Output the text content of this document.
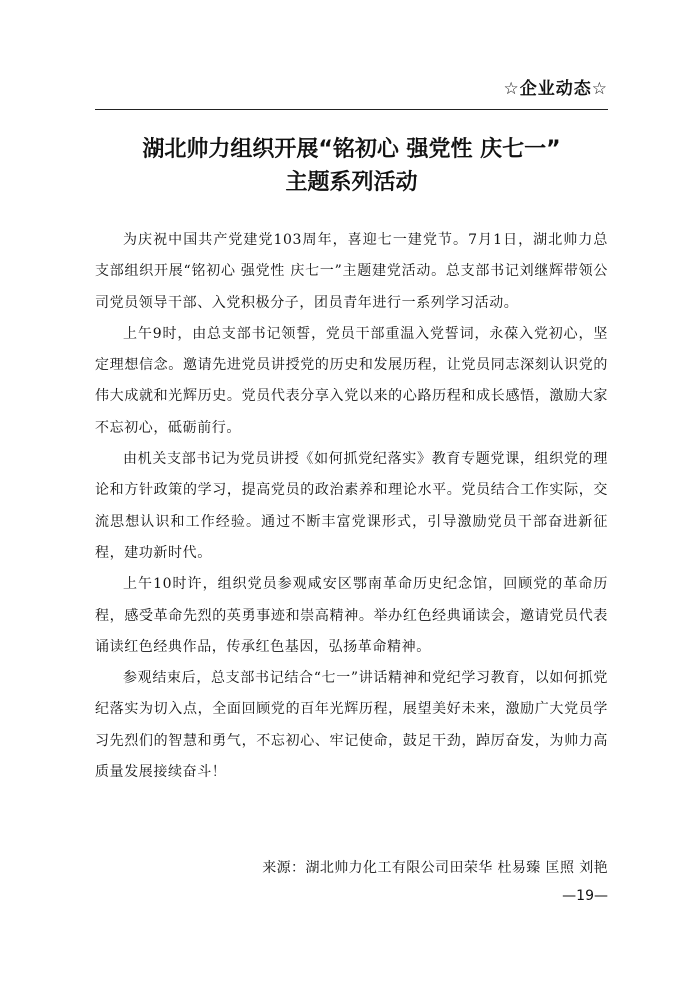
☆企业动态☆
湖北帅力组织开展“铭初心 强党性 庆七一”
主题系列活动

为庆祝中国共产党建党103周年，喜迎七一建党节。7月1日，湖北帅力总支部组织开展“铭初心 强党性 庆七一”主题建党活动。总支部书记刘继辉带领公司党员领导干部、入党积极分子，团员青年进行一系列学习活动。

上午9时，由总支部书记领誓，党员干部重温入党誓词，永葆入党初心，坚定理想信念。邀请先进党员讲授党的历史和发展历程，让党员同志深刻认识党的伟大成就和光辉历史。党员代表分享入党以来的心路历程和成长感悟，激励大家不忘初心，砥砺前行。

由机关支部书记为党员讲授《如何抓党纪落实》教育专题党课，组织党的理论和方针政策的学习，提高党员的政治素养和理论水平。党员结合工作实际，交流思想认识和工作经验。通过不断丰富党课形式，引导激励党员干部奋进新征程，建功新时代。

上午10时许，组织党员参观咸安区鄂南革命历史纪念馆，回顾党的革命历程，感受革命先烈的英勇事迹和崇高精神。举办红色经典诵读会，邀请党员代表诵读红色经典作品，传承红色基因，弘扬革命精神。

参观结束后，总支部书记结合“七一”讲话精神和党纪学习教育，以如何抓党纪落实为切入点，全面回顾党的百年光辉历程，展望美好未来，激励广大党员学习先烈们的智慧和勇气，不忘初心、牢记使命，鼓足干劲，踔厉奋发，为帅力高质量发展接续奋斗！

来源：湖北帅力化工有限公司田荣华 杜易臻 匡照 刘艳
—19—
